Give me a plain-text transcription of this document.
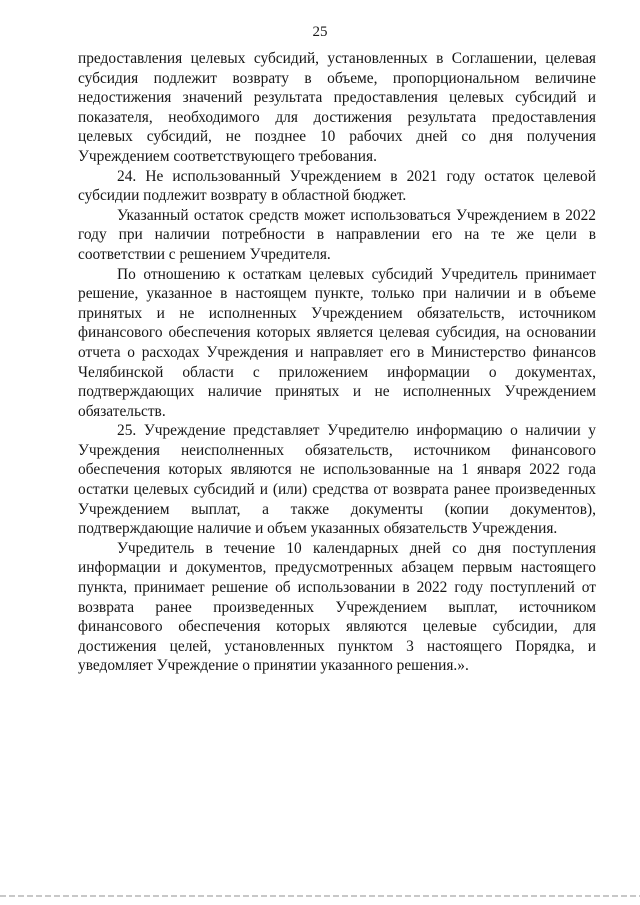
25

предоставления целевых субсидий, установленных в Соглашении, целевая субсидия подлежит возврату в объеме, пропорциональном величине недостижения значений результата предоставления целевых субсидий и показателя, необходимого для достижения результата предоставления целевых субсидий, не позднее 10 рабочих дней со дня получения Учреждением соответствующего требования.

24. Не использованный Учреждением в 2021 году остаток целевой субсидии подлежит возврату в областной бюджет.

Указанный остаток средств может использоваться Учреждением в 2022 году при наличии потребности в направлении его на те же цели в соответствии с решением Учредителя.

По отношению к остаткам целевых субсидий Учредитель принимает решение, указанное в настоящем пункте, только при наличии и в объеме принятых и не исполненных Учреждением обязательств, источником финансового обеспечения которых является целевая субсидия, на основании отчета о расходах Учреждения и направляет его в Министерство финансов Челябинской области с приложением информации о документах, подтверждающих наличие принятых и не исполненных Учреждением обязательств.

25. Учреждение представляет Учредителю информацию о наличии у Учреждения неисполненных обязательств, источником финансового обеспечения которых являются не использованные на 1 января 2022 года остатки целевых субсидий и (или) средства от возврата ранее произведенных Учреждением выплат, а также документы (копии документов), подтверждающие наличие и объем указанных обязательств Учреждения.

Учредитель в течение 10 календарных дней со дня поступления информации и документов, предусмотренных абзацем первым настоящего пункта, принимает решение об использовании в 2022 году поступлений от возврата ранее произведенных Учреждением выплат, источником финансового обеспечения которых являются целевые субсидии, для достижения целей, установленных пунктом 3 настоящего Порядка, и уведомляет Учреждение о принятии указанного решения.».
